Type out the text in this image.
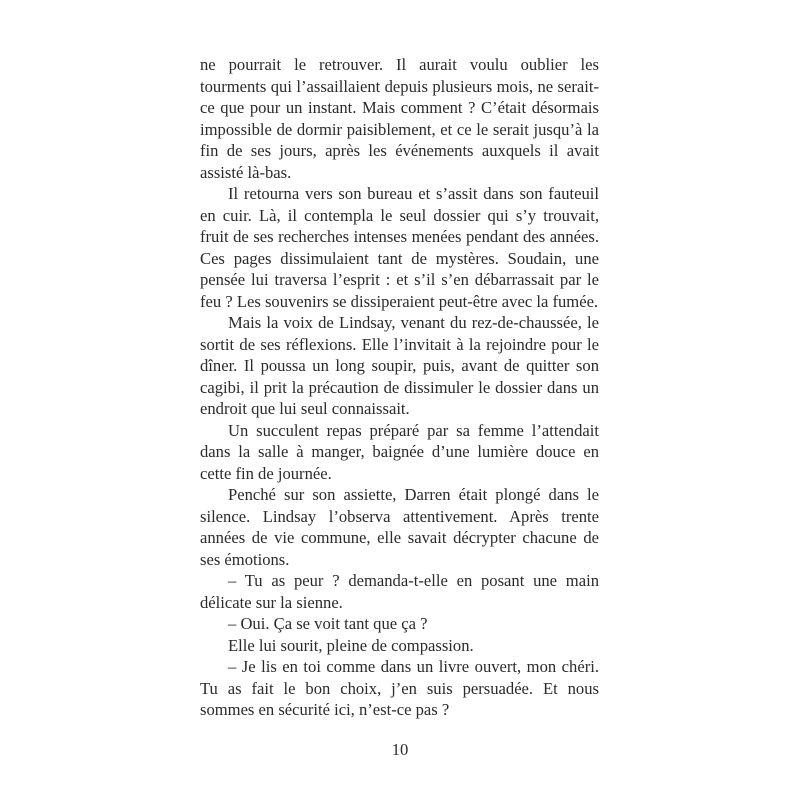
ne pourrait le retrouver. Il aurait voulu oublier les tourments qui l’assaillaient depuis plusieurs mois, ne serait-ce que pour un instant. Mais comment ? C’était désormais impossible de dormir paisiblement, et ce le serait jusqu’à la fin de ses jours, après les événements auxquels il avait assisté là-bas.

Il retourna vers son bureau et s’assit dans son fauteuil en cuir. Là, il contempla le seul dossier qui s’y trouvait, fruit de ses recherches intenses menées pendant des années. Ces pages dissimulaient tant de mystères. Soudain, une pensée lui traversa l’esprit : et s’il s’en débarrassait par le feu ? Les souvenirs se dissiperaient peut-être avec la fumée.

Mais la voix de Lindsay, venant du rez-de-chaussée, le sortit de ses réflexions. Elle l’invitait à la rejoindre pour le dîner. Il poussa un long soupir, puis, avant de quitter son cagibi, il prit la précaution de dissimuler le dossier dans un endroit que lui seul connaissait.

Un succulent repas préparé par sa femme l’attendait dans la salle à manger, baignée d’une lumière douce en cette fin de journée.

Penché sur son assiette, Darren était plongé dans le silence. Lindsay l’observa attentivement. Après trente années de vie commune, elle savait décrypter chacune de ses émotions.

– Tu as peur ? demanda-t-elle en posant une main délicate sur la sienne.

– Oui. Ça se voit tant que ça ?

Elle lui sourit, pleine de compassion.

– Je lis en toi comme dans un livre ouvert, mon chéri. Tu as fait le bon choix, j’en suis persuadée. Et nous sommes en sécurité ici, n’est-ce pas ?

10
